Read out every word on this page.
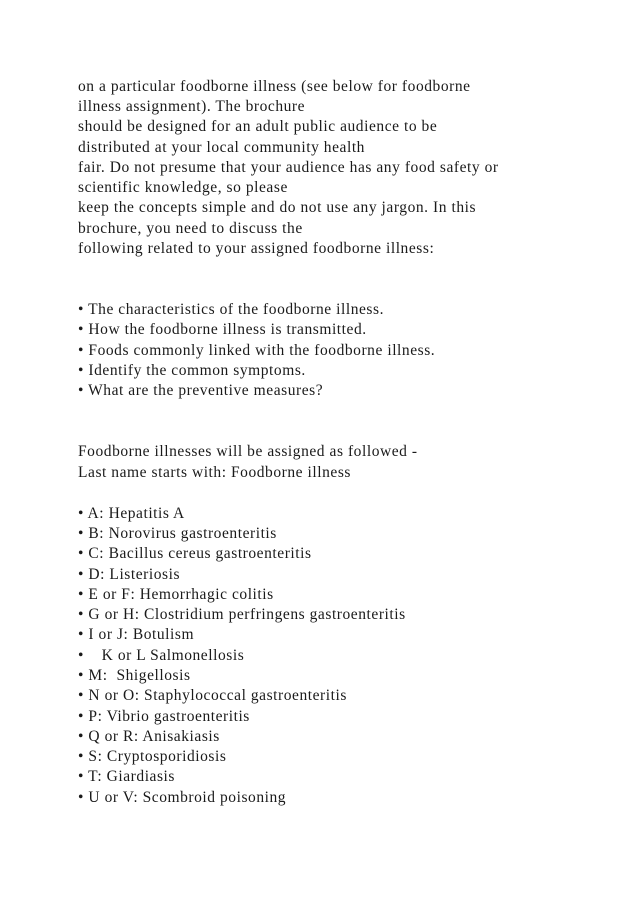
on a particular foodborne illness (see below for foodborne
illness assignment). The brochure
should be designed for an adult public audience to be
distributed at your local community health
fair. Do not presume that your audience has any food safety or
scientific knowledge, so please
keep the concepts simple and do not use any jargon. In this
brochure, you need to discuss the
following related to your assigned foodborne illness:
• The characteristics of the foodborne illness.
• How the foodborne illness is transmitted.
• Foods commonly linked with the foodborne illness.
• Identify the common symptoms.
• What are the preventive measures?
Foodborne illnesses will be assigned as followed -
Last name starts with: Foodborne illness
• A: Hepatitis A
• B: Norovirus gastroenteritis
• C: Bacillus cereus gastroenteritis
• D: Listeriosis
• E or F: Hemorrhagic colitis
• G or H: Clostridium perfringens gastroenteritis
• I or J: Botulism
•    K or L Salmonellosis
• M:  Shigellosis
• N or O: Staphylococcal gastroenteritis
• P: Vibrio gastroenteritis
• Q or R: Anisakiasis
• S: Cryptosporidiosis
• T: Giardiasis
• U or V: Scombroid poisoning
